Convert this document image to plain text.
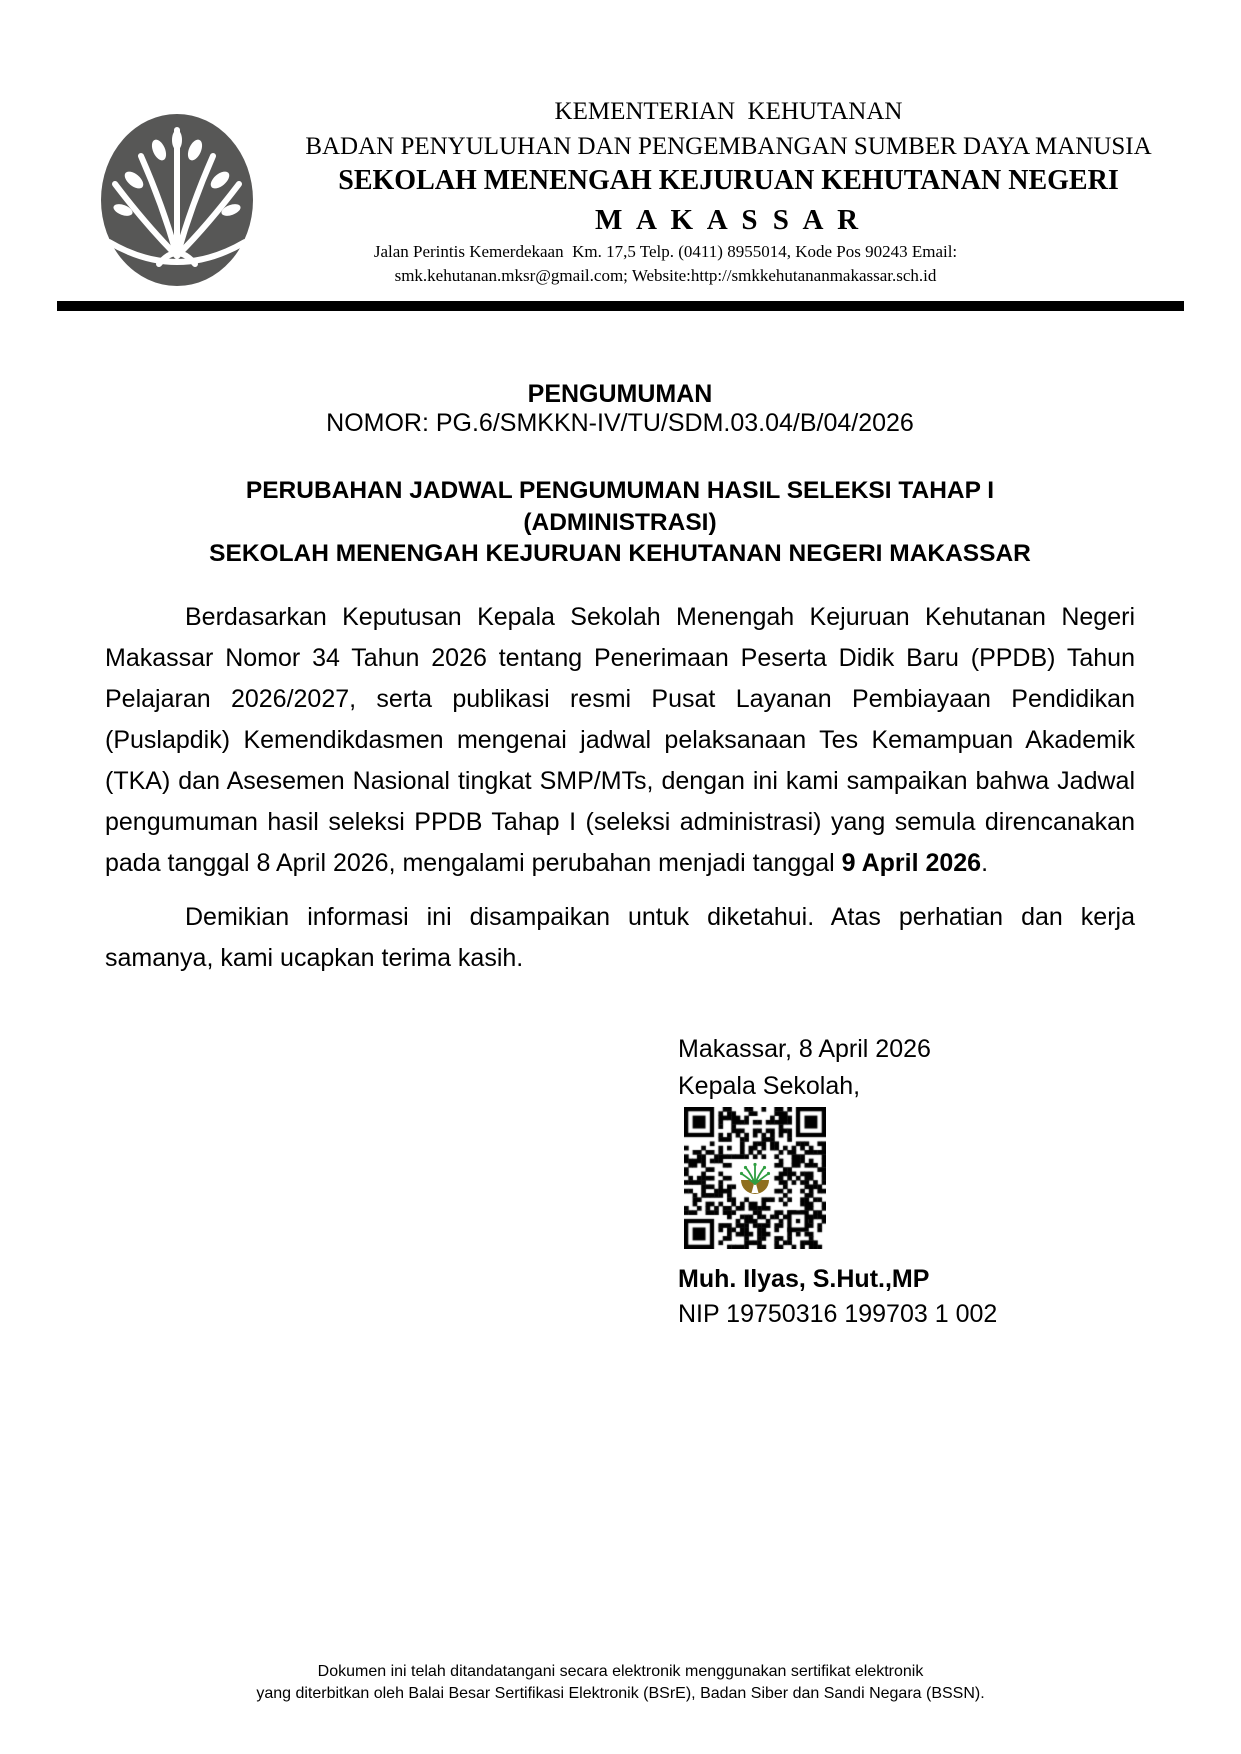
KEMENTERIAN  KEHUTANAN
BADAN PENYULUHAN DAN PENGEMBANGAN SUMBER DAYA MANUSIA
SEKOLAH MENENGAH KEJURUAN KEHUTANAN NEGERI
M A K A S S A R
Jalan Perintis Kemerdekaan  Km. 17,5 Telp. (0411) 8955014, Kode Pos 90243 Email:
smk.kehutanan.mksr@gmail.com; Website:http://smkkehutananmakassar.sch.id
PENGUMUMAN
NOMOR: PG.6/SMKKN-IV/TU/SDM.03.04/B/04/2026
PERUBAHAN JADWAL PENGUMUMAN HASIL SELEKSI TAHAP I
(ADMINISTRASI)
SEKOLAH MENENGAH KEJURUAN KEHUTANAN NEGERI MAKASSAR

Berdasarkan Keputusan Kepala Sekolah Menengah Kejuruan Kehutanan Negeri Makassar Nomor 34 Tahun 2026 tentang Penerimaan Peserta Didik Baru (PPDB) Tahun Pelajaran 2026/2027, serta publikasi resmi Pusat Layanan Pembiayaan Pendidikan (Puslapdik) Kemendikdasmen mengenai jadwal pelaksanaan Tes Kemampuan Akademik (TKA) dan Asesemen Nasional tingkat SMP/MTs, dengan ini kami sampaikan bahwa Jadwal pengumuman hasil seleksi PPDB Tahap I (seleksi administrasi) yang semula direncanakan pada tanggal 8 April 2026, mengalami perubahan menjadi tanggal 9 April 2026.

Demikian informasi ini disampaikan untuk diketahui. Atas perhatian dan kerja samanya, kami ucapkan terima kasih.

Makassar, 8 April 2026
Kepala Sekolah,
Muh. Ilyas, S.Hut.,MP
NIP 19750316 199703 1 002
Dokumen ini telah ditandatangani secara elektronik menggunakan sertifikat elektronik
yang diterbitkan oleh Balai Besar Sertifikasi Elektronik (BSrE), Badan Siber dan Sandi Negara (BSSN).
